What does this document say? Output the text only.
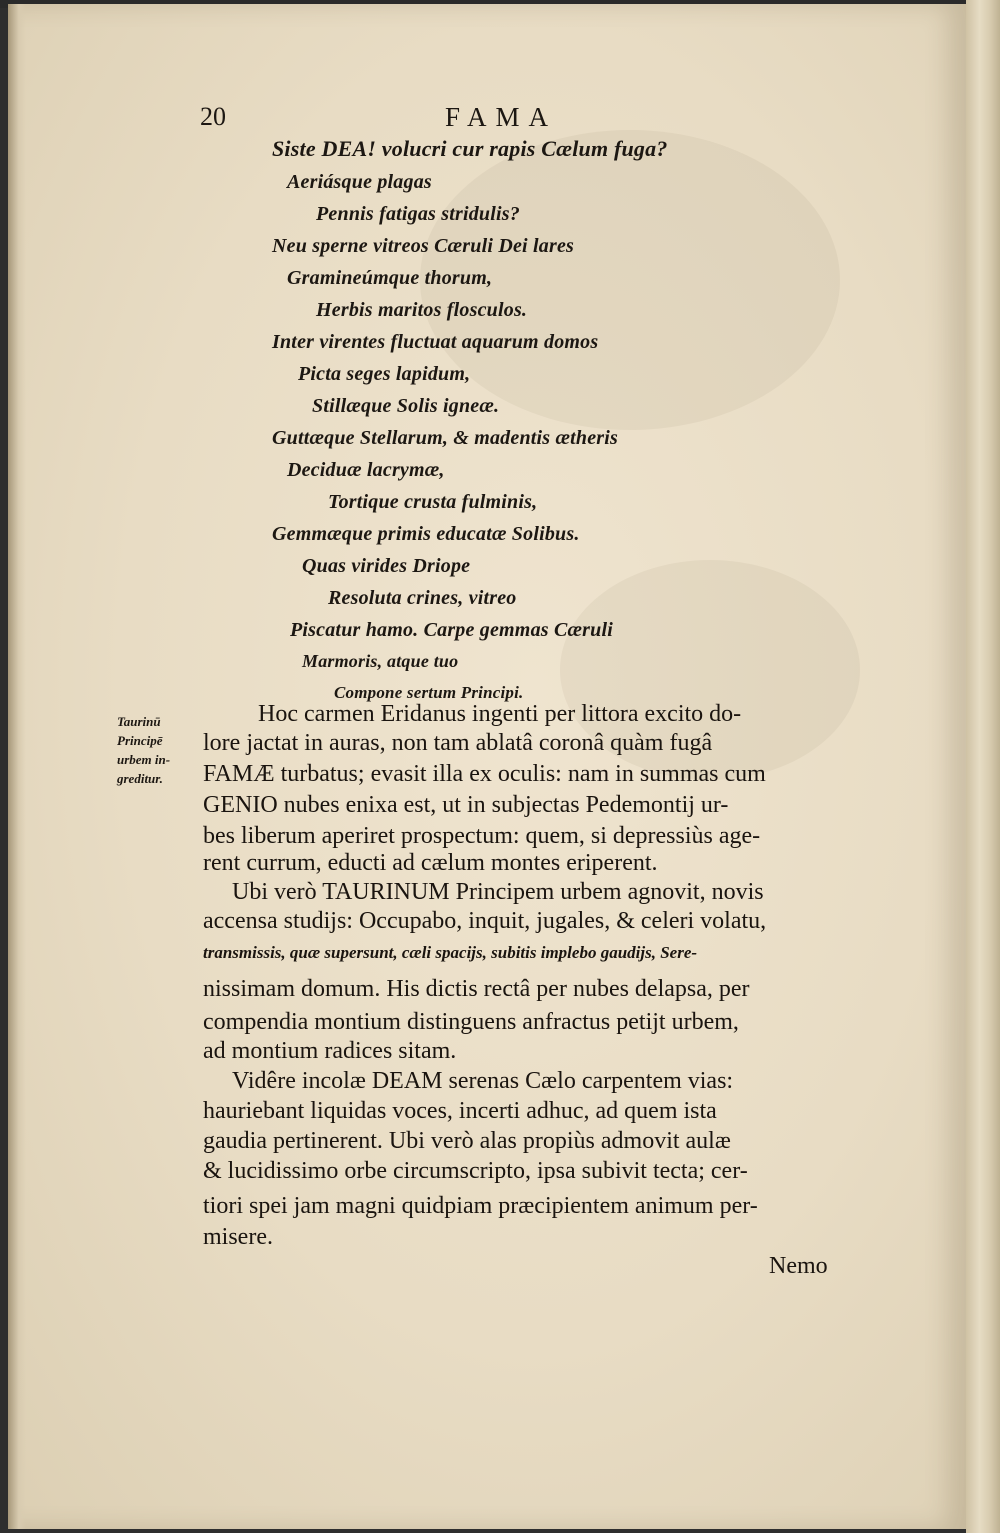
20	FAMA
Siste DEA! volucri cur rapis Cælum fuga?
Aeriásque plagas
Pennis fatigas stridulis?
Neu sperne vitreos Cæruli Dei lares
Gramineúmque thorum,
Herbis maritos flosculos.
Inter virentes fluctuat aquarum domos
Picta seges lapidum,
Stillæque Solis igneæ.
Guttæque Stellarum, & madentis ætheris
Deciduæ lacrymæ,
Tortique crusta fulminis,
Gemmæque primis educatæ Solibus.
Quas virides Driope
Resoluta crines, vitreo
Piscatur hamo. Carpe gemmas Cæruli
Marmoris, atque tuo
Compone sertum Principi.
Taurinū
Principē
urbem in-
greditur.
Hoc carmen Eridanus ingenti per littora excito do-
lore jactat in auras, non tam ablatâ coronâ quàm fugâ
FAMÆ turbatus; evasit illa ex oculis: nam in summas cum
GENIO nubes enixa est, ut in subjectas Pedemontij ur-
bes liberum aperiret prospectum: quem, si depressiùs age-
rent currum, educti ad cælum montes eriperent.
Ubi verò TAURINUM Principem urbem agnovit, novis
accensa studijs: Occupabo, inquit, jugales, & celeri volatu,
transmissis, quæ supersunt, cæli spacijs, subitis implebo gaudijs, Sere-
nissimam domum. His dictis rectâ per nubes delapsa, per
compendia montium distinguens anfractus petijt urbem,
ad montium radices sitam.
Vidêre incolæ DEAM serenas Cælo carpentem vias:
hauriebant liquidas voces, incerti adhuc, ad quem ista
gaudia pertinerent. Ubi verò alas propiùs admovit aulæ
& lucidissimo orbe circumscripto, ipsa subivit tecta; cer-
tiori spei jam magni quidpiam præcipientem animum per-
misere.
Nemo
